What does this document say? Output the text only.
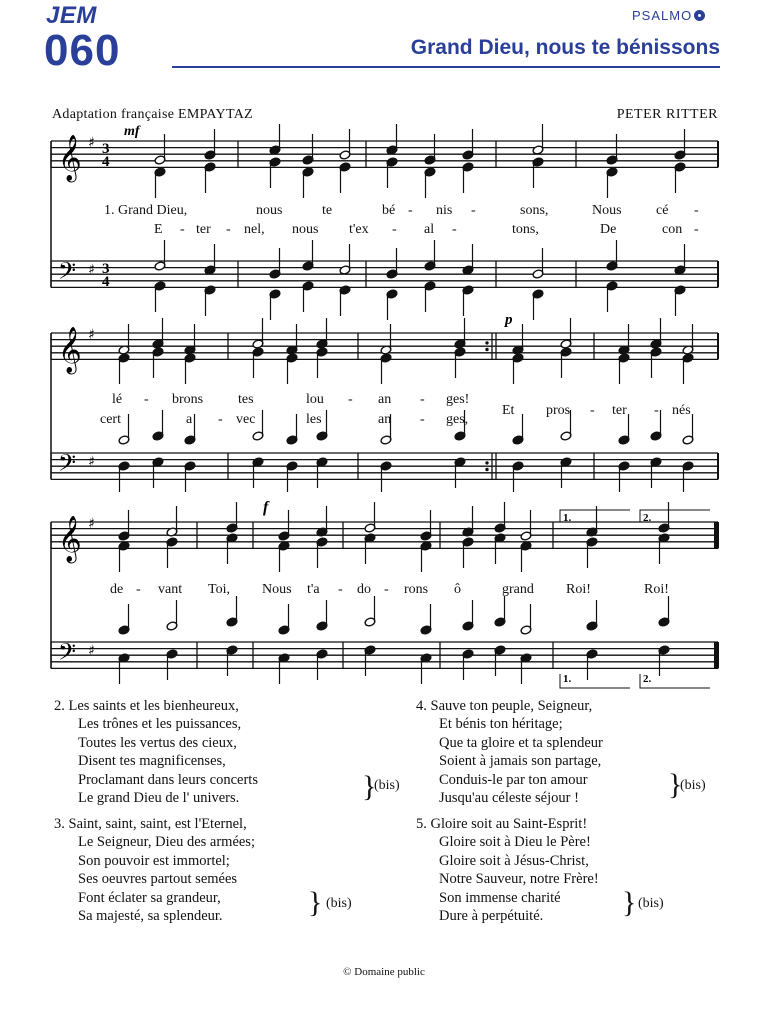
JEM
060
PSALMO
Grand Dieu, nous te bénissons
Adaptation française EMPAYTAZ	PETER RITTER
𝄞
𝄢
♯
♯
3
3
4
4
𝄞
𝄢
♯
♯
𝄞
𝄢
♯
♯
mf
p
f
1.	2.
1.	2.
1. Grand Dieu,	nous	te	bé - nis -	sons,	Nous cé -
E - ter - nel, nous t'ex - al -	tons,	De	con -
lé - brons tes	lou - an - ges!
cert	a - vec	les	an - ges,
Et pros - ter - nés
de - vant Toi, Nous t'a - do - rons ô	grand Roi!	Roi!
2. Les saints et les bienheureux,
Les trônes et les puissances,
Toutes les vertus des cieux,
Disent tes magnificenses,
Proclamant dans leurs concerts
Le grand Dieu de l' univers.	}
(bis)
3. Saint, saint, saint, est l'Eternel,
Le Seigneur, Dieu des armées;
Son pouvoir est immortel;
Ses oeuvres partout semées
Font éclater sa grandeur,
Sa majesté, sa splendeur.	} (bis)
4. Sauve ton peuple, Seigneur,
Et bénis ton héritage;
Que ta gloire et ta splendeur
Soient à jamais son partage,
Conduis-le par ton amour
Jusqu'au céleste séjour !	}
(bis)
5. Gloire soit au Saint-Esprit!
Gloire soit à Dieu le Père!
Gloire soit à Jésus-Christ,
Notre Sauveur, notre Frère!
Son immense charité
Dure à perpétuité.	} (bis)
© Domaine public
